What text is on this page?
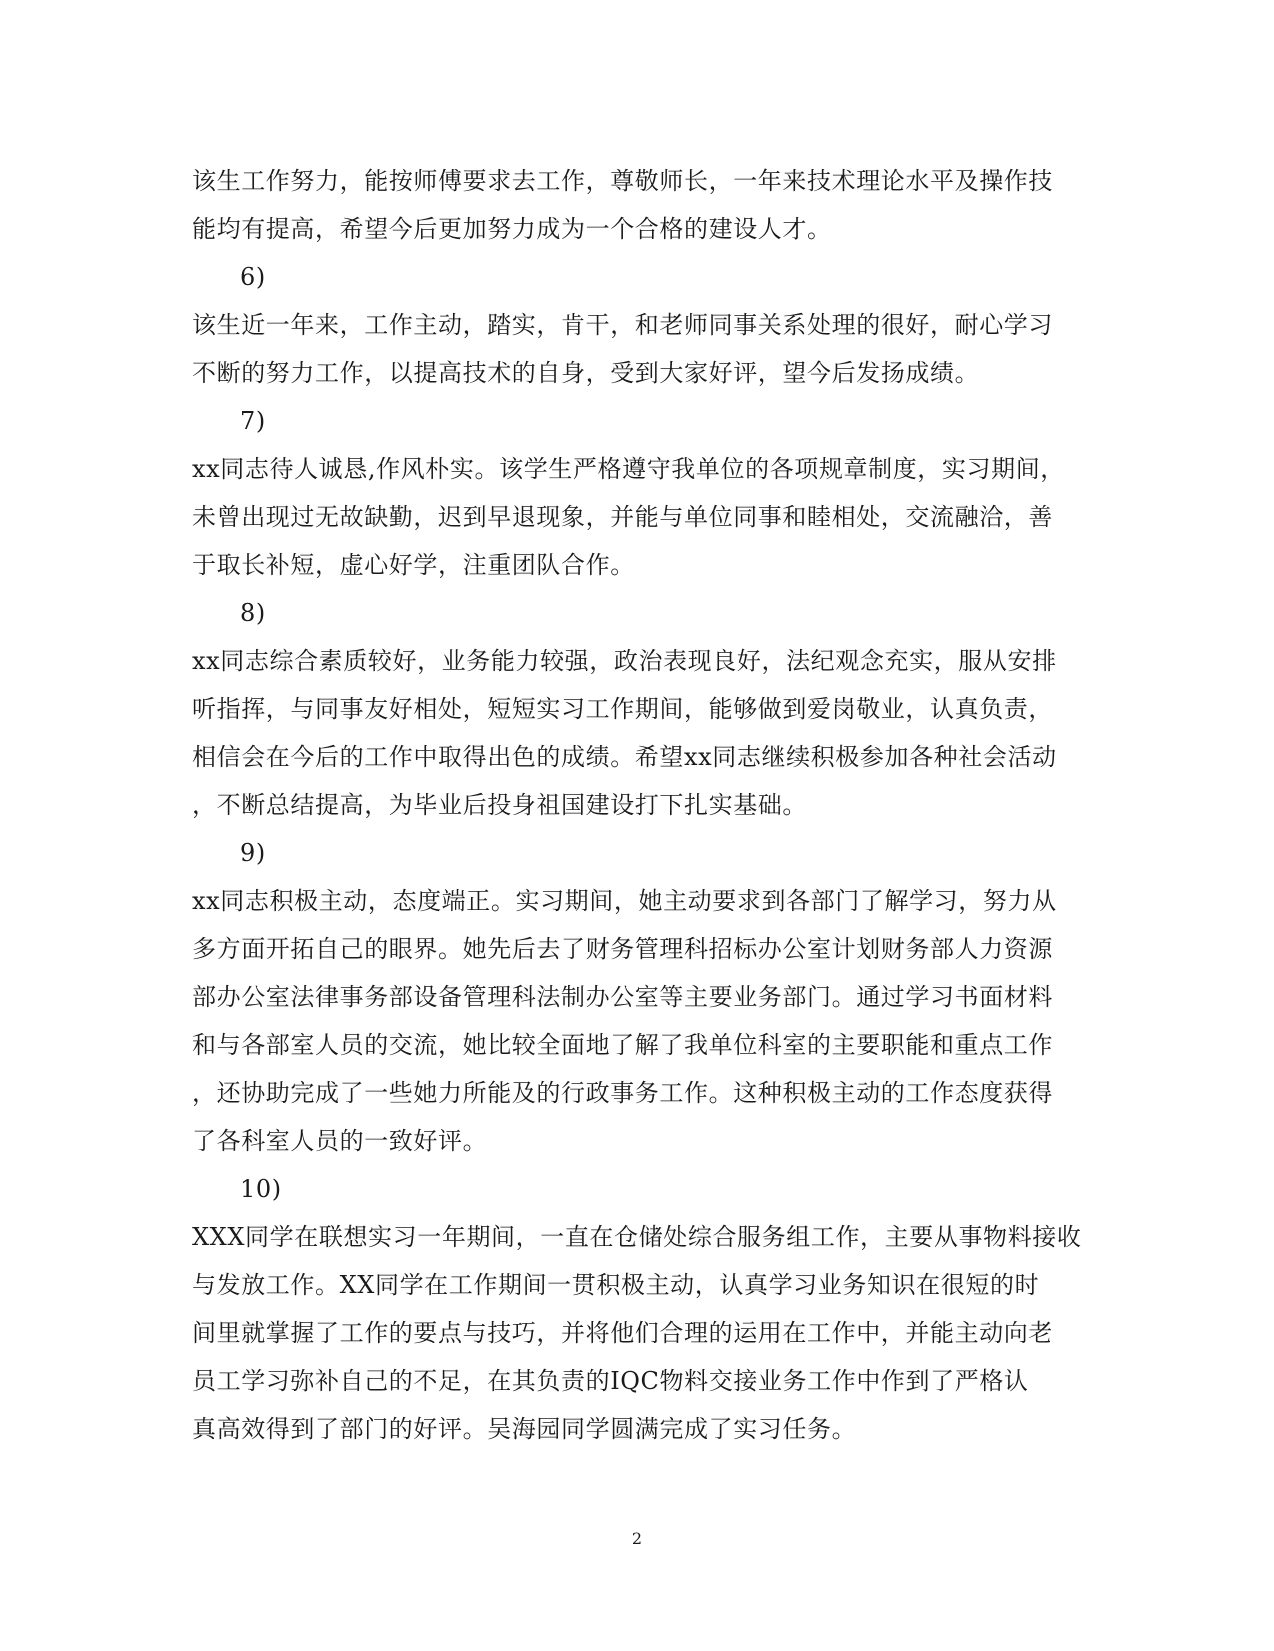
该生工作努力，能按师傅要求去工作，尊敬师长，一年来技术理论水平及操作技
能均有提高，希望今后更加努力成为一个合格的建设人才。
6)
该生近一年来，工作主动，踏实，肯干，和老师同事关系处理的很好，耐心学习
不断的努力工作，以提高技术的自身，受到大家好评，望今后发扬成绩。
7)
xx同志待人诚恳,作风朴实。该学生严格遵守我单位的各项规章制度，实习期间，
未曾出现过无故缺勤，迟到早退现象，并能与单位同事和睦相处，交流融洽，善
于取长补短，虚心好学，注重团队合作。
8)
xx同志综合素质较好，业务能力较强，政治表现良好，法纪观念充实，服从安排
听指挥，与同事友好相处，短短实习工作期间，能够做到爱岗敬业，认真负责，
相信会在今后的工作中取得出色的成绩。希望xx同志继续积极参加各种社会活动
，不断总结提高，为毕业后投身祖国建设打下扎实基础。
9)
xx同志积极主动，态度端正。实习期间，她主动要求到各部门了解学习，努力从
多方面开拓自己的眼界。她先后去了财务管理科招标办公室计划财务部人力资源
部办公室法律事务部设备管理科法制办公室等主要业务部门。通过学习书面材料
和与各部室人员的交流，她比较全面地了解了我单位科室的主要职能和重点工作
，还协助完成了一些她力所能及的行政事务工作。这种积极主动的工作态度获得
了各科室人员的一致好评。
10)
XXX同学在联想实习一年期间，一直在仓储处综合服务组工作，主要从事物料接收
与发放工作。XX同学在工作期间一贯积极主动，认真学习业务知识在很短的时
间里就掌握了工作的要点与技巧，并将他们合理的运用在工作中，并能主动向老
员工学习弥补自己的不足，在其负责的IQC物料交接业务工作中作到了严格认
真高效得到了部门的好评。吴海园同学圆满完成了实习任务。
2
